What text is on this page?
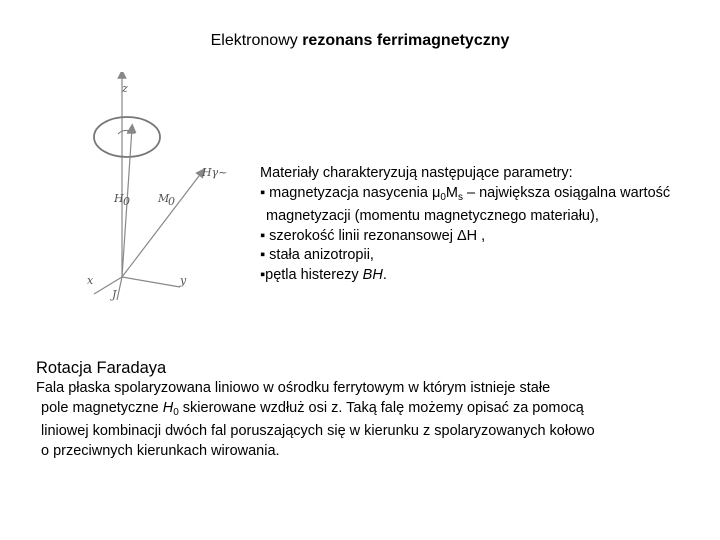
Elektronowy rezonans ferrimagnetyczny
z
x	y
J
H 0	M
0
Hγ~ Materiały charakteryzują następujące parametry:

▪ magnetyzacja nasycenia $\mu_0M_s$ – największa osiągalna wartość

magnetyzacji (momentu magnetycznego materiału),

▪ szerokość linii rezonansowej ΔH ,

▪ stała anizotropii,

▪pętla histerezy BH.

Rotacja Faradaya

Fala płaska spolaryzowana liniowo w ośrodku ferrytowym w którym istnieje stałe

pole magnetyczne $H_0$ skierowane wzdłuż osi z. Taką falę możemy opisać za pomocą

liniowej kombinacji dwóch fal poruszających się w kierunku z spolaryzowanych kołowo

o przeciwnych kierunkach wirowania.
